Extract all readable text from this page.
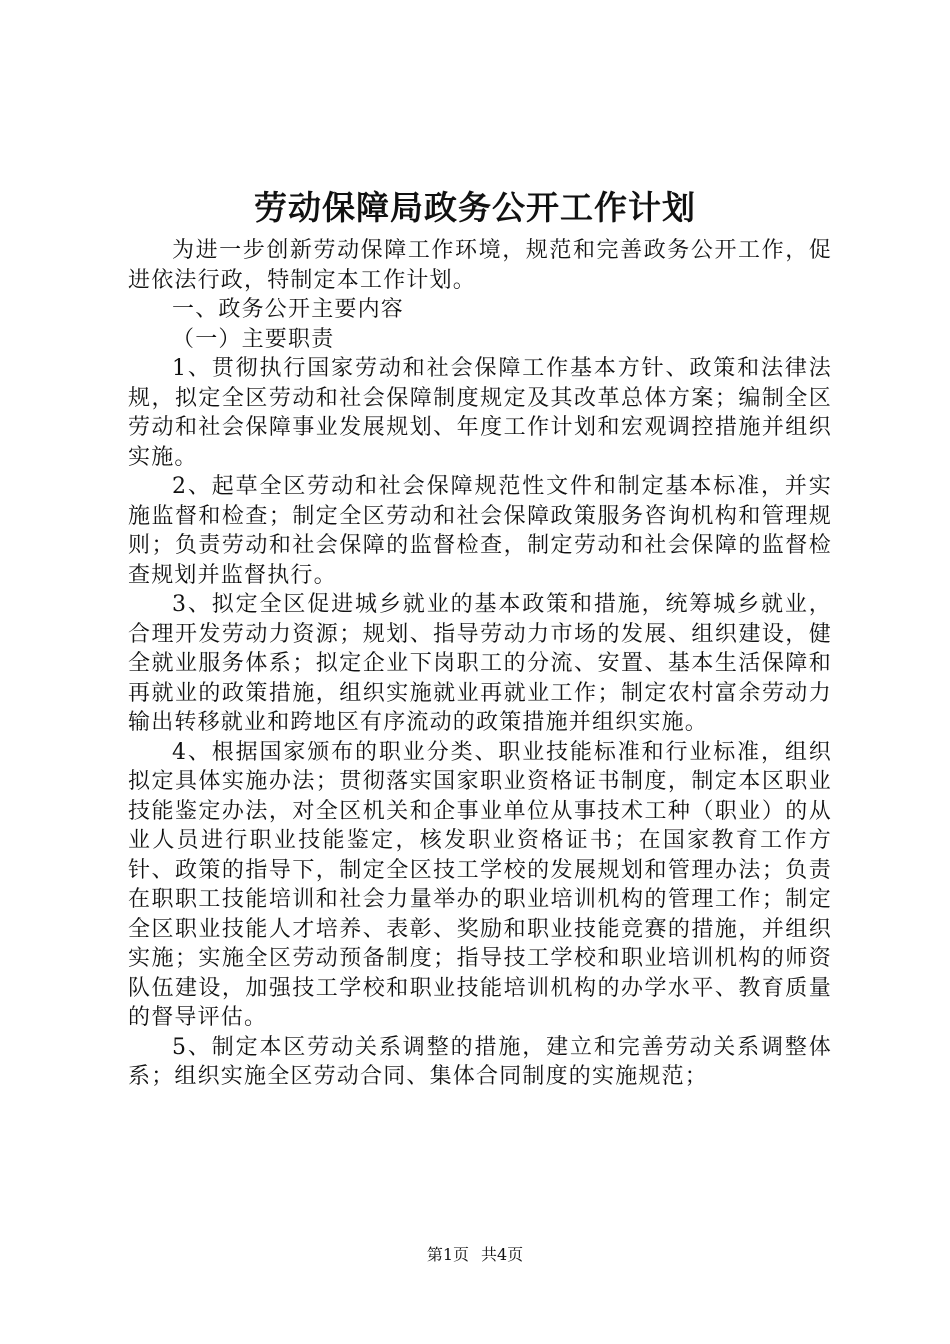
劳动保障局政务公开工作计划

为进一步创新劳动保障工作环境，规范和完善政务公开工作，促进依法行政，特制定本工作计划。

一、政务公开主要内容

（一）主要职责

1、贯彻执行国家劳动和社会保障工作基本方针、政策和法律法规，拟定全区劳动和社会保障制度规定及其改革总体方案；编制全区劳动和社会保障事业发展规划、年度工作计划和宏观调控措施并组织实施。

2、起草全区劳动和社会保障规范性文件和制定基本标准，并实施监督和检查；制定全区劳动和社会保障政策服务咨询机构和管理规则；负责劳动和社会保障的监督检查，制定劳动和社会保障的监督检查规划并监督执行。

3、拟定全区促进城乡就业的基本政策和措施，统筹城乡就业，合理开发劳动力资源；规划、指导劳动力市场的发展、组织建设，健全就业服务体系；拟定企业下岗职工的分流、安置、基本生活保障和再就业的政策措施，组织实施就业再就业工作；制定农村富余劳动力输出转移就业和跨地区有序流动的政策措施并组织实施。

4、根据国家颁布的职业分类、职业技能标准和行业标准，组织拟定具体实施办法；贯彻落实国家职业资格证书制度，制定本区职业技能鉴定办法，对全区机关和企事业单位从事技术工种（职业）的从业人员进行职业技能鉴定，核发职业资格证书；在国家教育工作方针、政策的指导下，制定全区技工学校的发展规划和管理办法；负责在职职工技能培训和社会力量举办的职业培训机构的管理工作；制定全区职业技能人才培养、表彰、奖励和职业技能竞赛的措施，并组织实施；实施全区劳动预备制度；指导技工学校和职业培训机构的师资队伍建设，加强技工学校和职业技能培训机构的办学水平、教育质量的督导评估。

5、制定本区劳动关系调整的措施，建立和完善劳动关系调整体系；组织实施全区劳动合同、集体合同制度的实施规范；

第1页 共4页
